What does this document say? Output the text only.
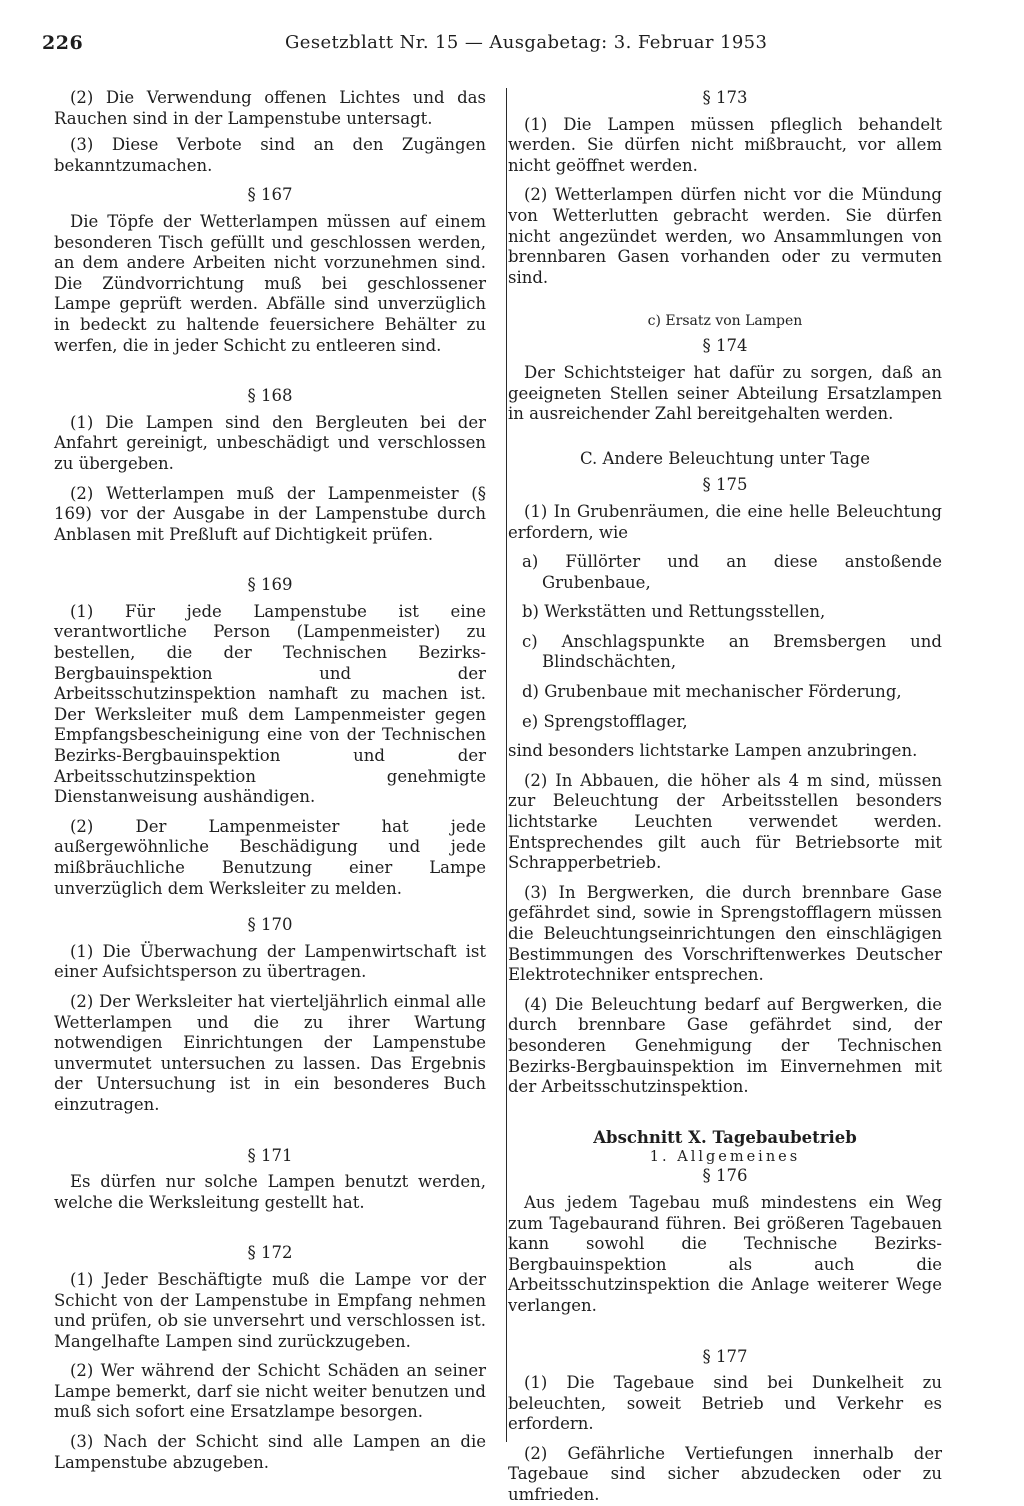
226	Gesetzblatt Nr. 15 — Ausgabetag: 3. Februar 1953

(2) Die Verwendung offenen Lichtes und das Rauchen sind in der Lampenstube untersagt.

(3) Diese Verbote sind an den Zugängen bekanntzumachen.

§ 167

Die Töpfe der Wetterlampen müssen auf einem besonderen Tisch gefüllt und geschlossen werden, an dem andere Arbeiten nicht vorzunehmen sind. Die Zündvorrichtung muß bei geschlossener Lampe geprüft werden. Abfälle sind unverzüglich in bedeckt zu haltende feuersichere Behälter zu werfen, die in jeder Schicht zu entleeren sind.

§ 168

(1) Die Lampen sind den Bergleuten bei der Anfahrt gereinigt, unbeschädigt und verschlossen zu übergeben.

(2) Wetterlampen muß der Lampenmeister (§ 169) vor der Ausgabe in der Lampenstube durch Anblasen mit Preßluft auf Dichtigkeit prüfen.

§ 169

(1) Für jede Lampenstube ist eine verantwortliche Person (Lampenmeister) zu bestellen, die der Technischen Bezirks-Bergbauinspektion und der Arbeitsschutzinspektion namhaft zu machen ist. Der Werksleiter muß dem Lampenmeister gegen Empfangsbescheinigung eine von der Technischen Bezirks-Bergbauinspektion und der Arbeitsschutzinspektion genehmigte Dienstanweisung aushändigen.

(2) Der Lampenmeister hat jede außergewöhnliche Beschädigung und jede mißbräuchliche Benutzung einer Lampe unverzüglich dem Werksleiter zu melden.

§ 170

(1) Die Überwachung der Lampenwirtschaft ist einer Aufsichtsperson zu übertragen.

(2) Der Werksleiter hat vierteljährlich einmal alle Wetterlampen und die zu ihrer Wartung notwendigen Einrichtungen der Lampenstube unvermutet untersuchen zu lassen. Das Ergebnis der Untersuchung ist in ein besonderes Buch einzutragen.

§ 171

Es dürfen nur solche Lampen benutzt werden, welche die Werksleitung gestellt hat.

§ 172

(1) Jeder Beschäftigte muß die Lampe vor der Schicht von der Lampenstube in Empfang nehmen und prüfen, ob sie unversehrt und verschlossen ist. Mangelhafte Lampen sind zurückzugeben.

(2) Wer während der Schicht Schäden an seiner Lampe bemerkt, darf sie nicht weiter benutzen und muß sich sofort eine Ersatzlampe besorgen.

(3) Nach der Schicht sind alle Lampen an die Lampenstube abzugeben.

§ 173

(1) Die Lampen müssen pfleglich behandelt werden. Sie dürfen nicht mißbraucht, vor allem nicht geöffnet werden.

(2) Wetterlampen dürfen nicht vor die Mündung von Wetterlutten gebracht werden. Sie dürfen nicht angezündet werden, wo Ansammlungen von brennbaren Gasen vorhanden oder zu vermuten sind.

c) Ersatz von Lampen
§ 174

Der Schichtsteiger hat dafür zu sorgen, daß an geeigneten Stellen seiner Abteilung Ersatzlampen in ausreichender Zahl bereitgehalten werden.

C. Andere Beleuchtung unter Tage
§ 175

(1) In Grubenräumen, die eine helle Beleuchtung erfordern, wie

a) Füllörter und an diese anstoßende Grubenbaue,
b) Werkstätten und Rettungsstellen,
c) Anschlagspunkte an Bremsbergen und Blindschächten,
d) Grubenbaue mit mechanischer Förderung,
e) Sprengstofflager,

sind besonders lichtstarke Lampen anzubringen.

(2) In Abbauen, die höher als 4 m sind, müssen zur Beleuchtung der Arbeitsstellen besonders lichtstarke Leuchten verwendet werden. Entsprechendes gilt auch für Betriebsorte mit Schrapperbetrieb.

(3) In Bergwerken, die durch brennbare Gase gefährdet sind, sowie in Sprengstofflagern müssen die Beleuchtungseinrichtungen den einschlägigen Bestimmungen des Vorschriftenwerkes Deutscher Elektrotechniker entsprechen.

(4) Die Beleuchtung bedarf auf Bergwerken, die durch brennbare Gase gefährdet sind, der besonderen Genehmigung der Technischen Bezirks-Bergbauinspektion im Einvernehmen mit der Arbeitsschutzinspektion.

Abschnitt X. Tagebaubetrieb
1. Allgemeines
§ 176

Aus jedem Tagebau muß mindestens ein Weg zum Tagebaurand führen. Bei größeren Tagebauen kann sowohl die Technische Bezirks-Bergbauinspektion als auch die Arbeitsschutzinspektion die Anlage weiterer Wege verlangen.

§ 177

(1) Die Tagebaue sind bei Dunkelheit zu beleuchten, soweit Betrieb und Verkehr es erfordern.

(2) Gefährliche Vertiefungen innerhalb der Tagebaue sind sicher abzudecken oder zu umfrieden.
